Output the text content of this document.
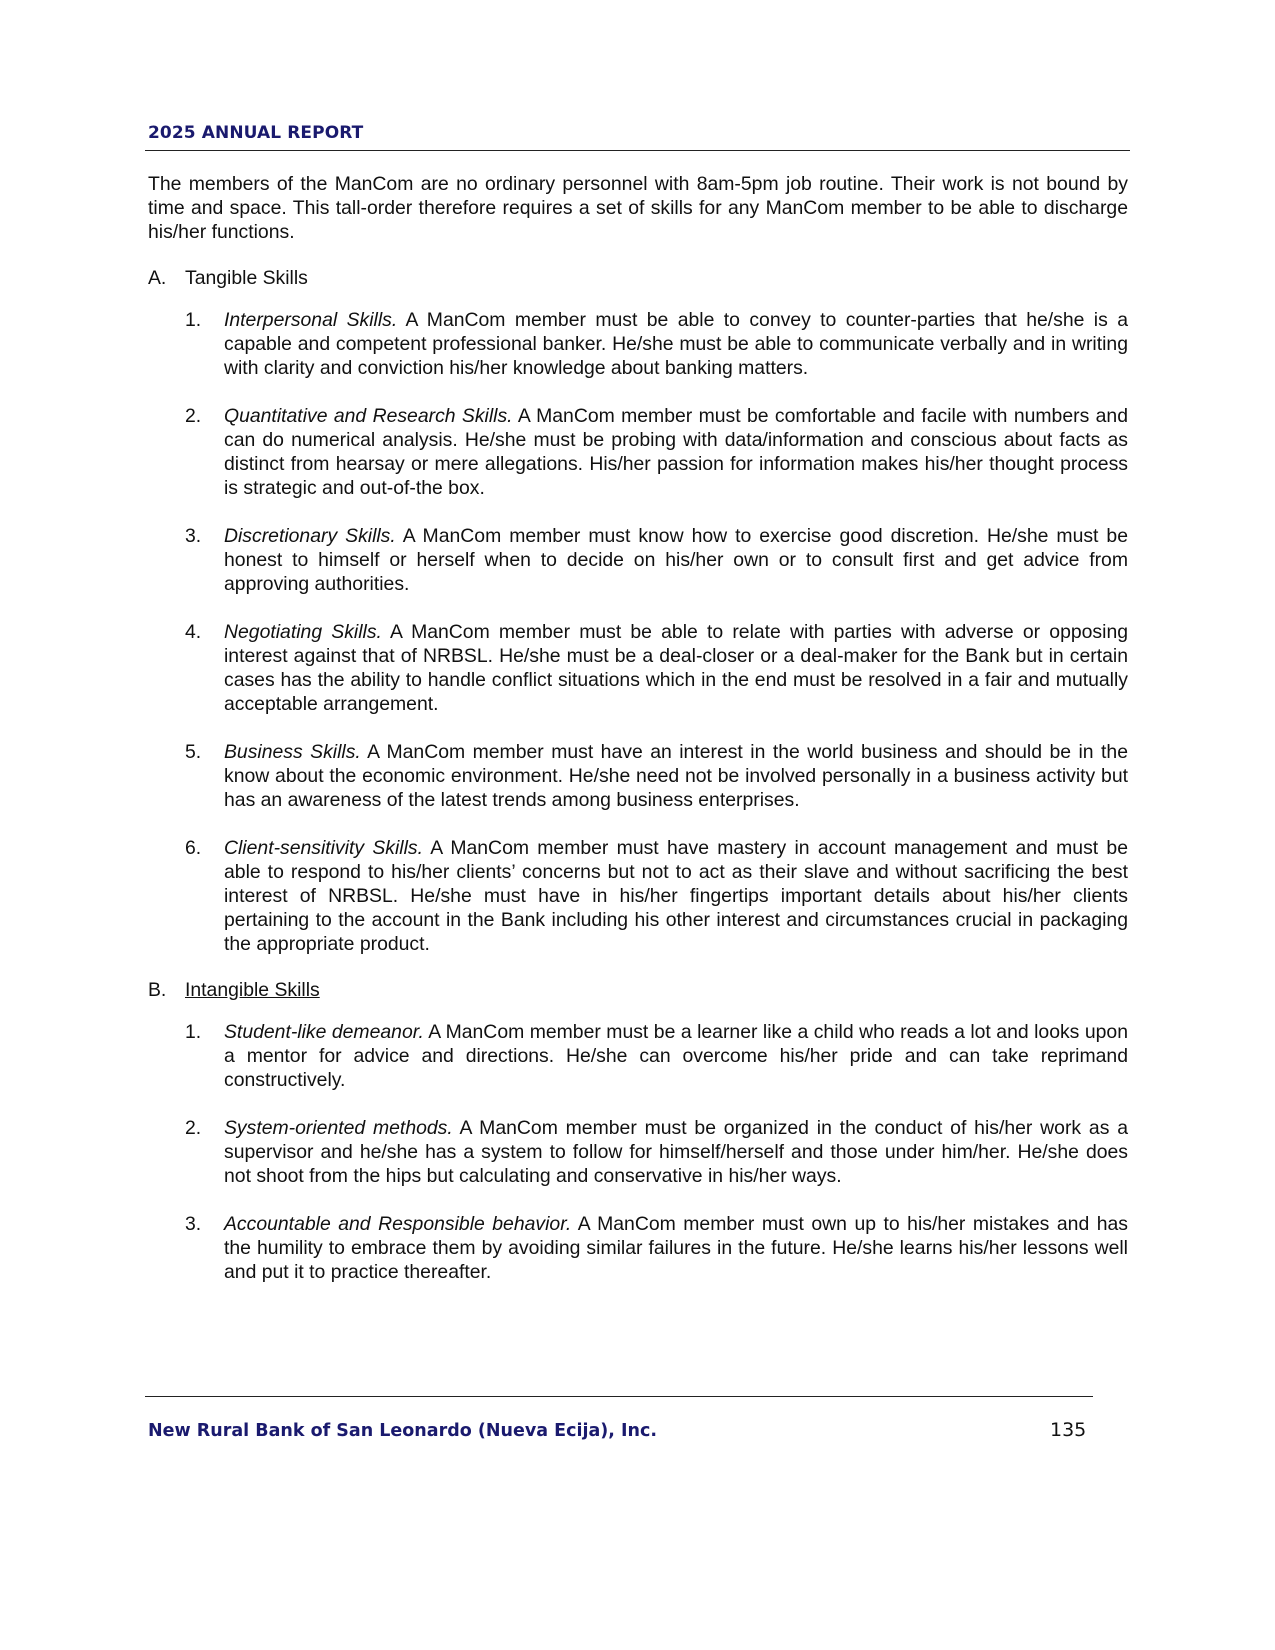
2025 ANNUAL REPORT

The members of the ManCom are no ordinary personnel with 8am-5pm job routine. Their work is not bound by time and space. This tall-order therefore requires a set of skills for any ManCom member to be able to discharge his/her functions.

A. Tangible Skills
1.	Interpersonal Skills. A ManCom member must be able to convey to counter-parties that he/she is a capable and competent professional banker. He/she must be able to communicate verbally and in writing with clarity and conviction his/her knowledge about banking matters.
2.	Quantitative and Research Skills. A ManCom member must be comfortable and facile with numbers and can do numerical analysis. He/she must be probing with data/information and conscious about facts as distinct from hearsay or mere allegations. His/her passion for information makes his/her thought process is strategic and out-of-the box.
3.	Discretionary Skills. A ManCom member must know how to exercise good discretion. He/she must be honest to himself or herself when to decide on his/her own or to consult first and get advice from approving authorities.
4.	Negotiating Skills. A ManCom member must be able to relate with parties with adverse or opposing interest against that of NRBSL. He/she must be a deal-closer or a deal-maker for the Bank but in certain cases has the ability to handle conflict situations which in the end must be resolved in a fair and mutually acceptable arrangement.
5.	Business Skills. A ManCom member must have an interest in the world business and should be in the know about the economic environment. He/she need not be involved personally in a business activity but has an awareness of the latest trends among business enterprises.
6.	Client-sensitivity Skills. A ManCom member must have mastery in account management and must be able to respond to his/her clients’ concerns but not to act as their slave and without sacrificing the best interest of NRBSL. He/she must have in his/her fingertips important details about his/her clients pertaining to the account in the Bank including his other interest and circumstances crucial in packaging the appropriate product.
B. Intangible Skills
1.	Student-like demeanor. A ManCom member must be a learner like a child who reads a lot and looks upon a mentor for advice and directions. He/she can overcome his/her pride and can take reprimand constructively.
2.	System-oriented methods. A ManCom member must be organized in the conduct of his/her work as a supervisor and he/she has a system to follow for himself/herself and those under him/her. He/she does not shoot from the hips but calculating and conservative in his/her ways.
3.	Accountable and Responsible behavior. A ManCom member must own up to his/her mistakes and has the humility to embrace them by avoiding similar failures in the future. He/she learns his/her lessons well and put it to practice thereafter.
New Rural Bank of San Leonardo (Nueva Ecija), Inc.	135
